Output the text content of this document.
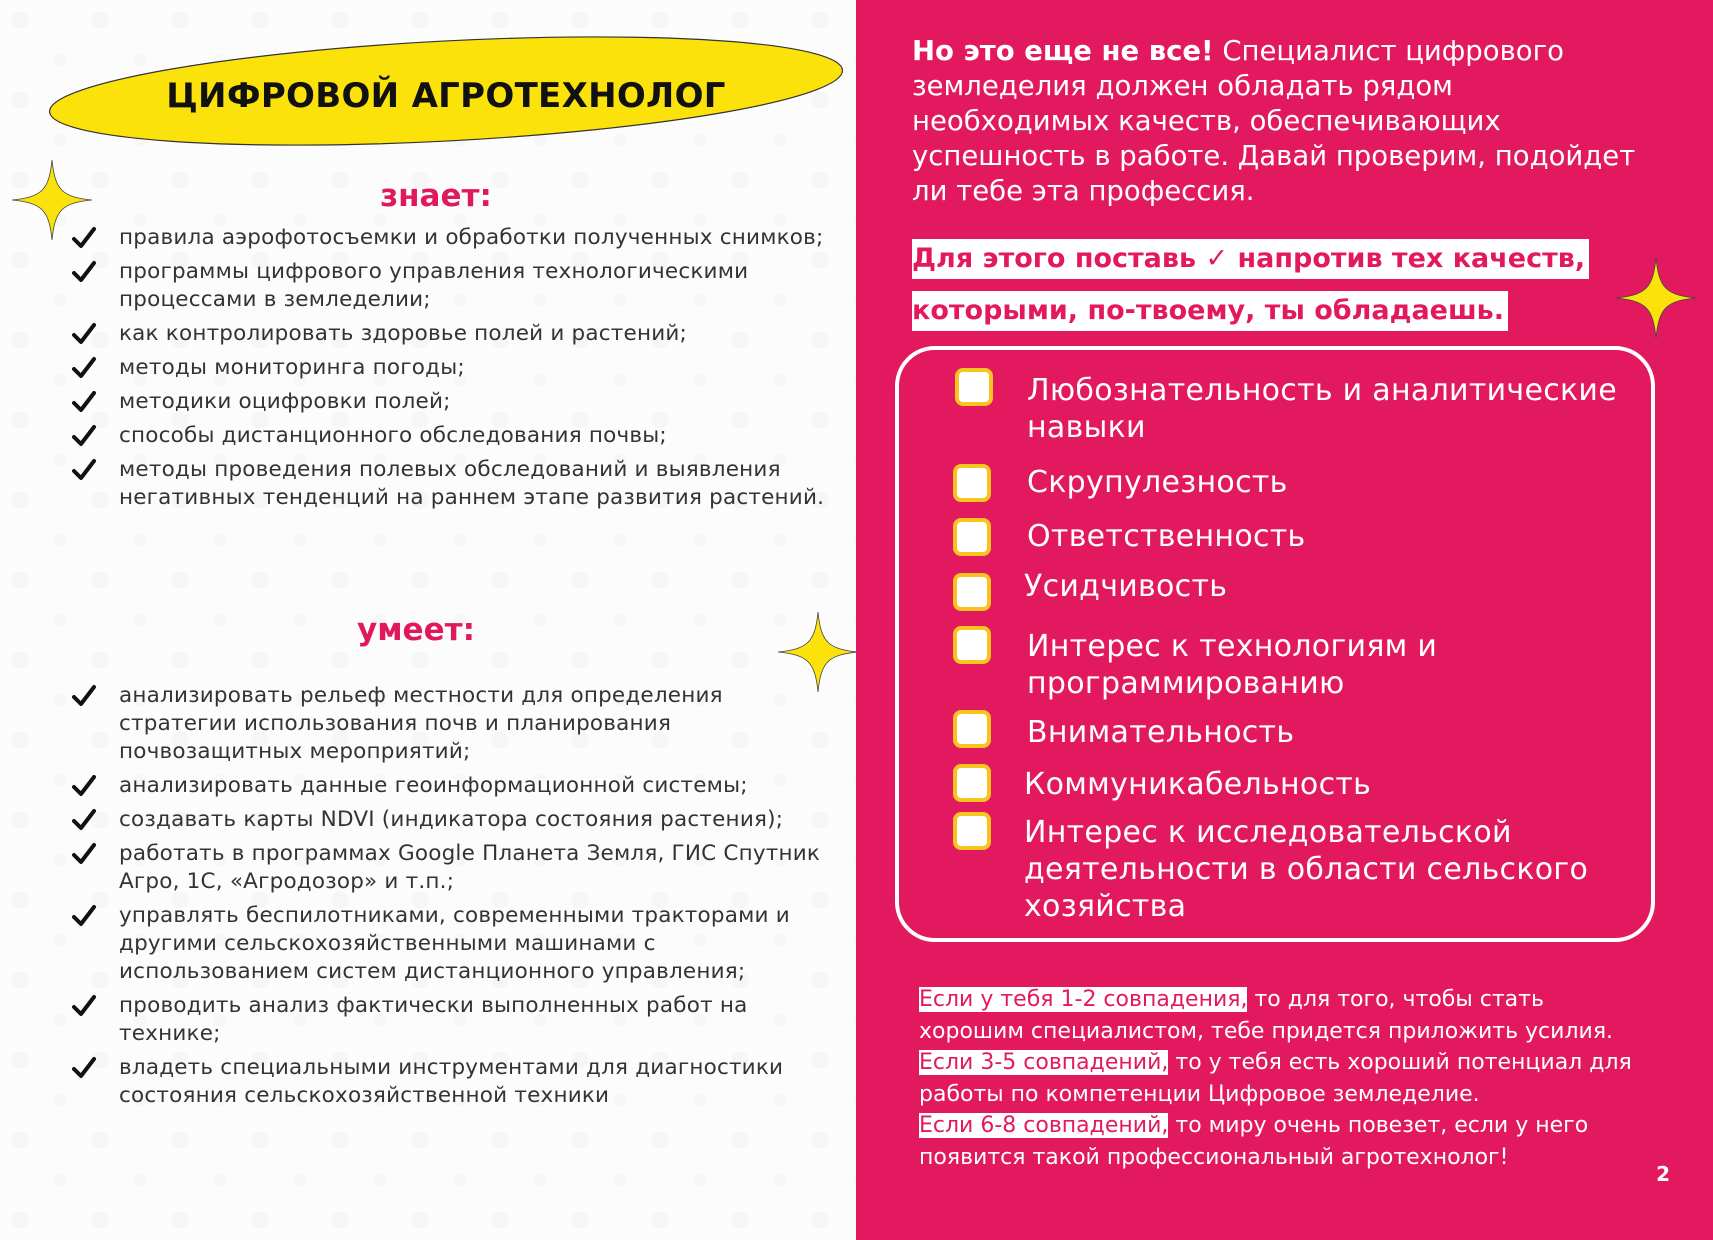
ЦИФРОВОЙ АГРОТЕХНОЛОГ
знает:
правила аэрофотосъемки и обработки полученных снимков;
программы цифрового управления технологическими процессами в земледелии;
как контролировать здоровье полей и растений;
методы мониторинга погоды;
методики оцифровки полей;
способы дистанционного обследования почвы;
методы проведения полевых обследований и выявления негативных тенденций на раннем этапе развития растений.
умеет:
анализировать рельеф местности для определения стратегии использования почв и планирования почвозащитных мероприятий;
анализировать данные геоинформационной системы;
создавать карты NDVI (индикатора состояния растения);
работать в программах Google Планета Земля, ГИС Спутник Агро, 1С, «Агродозор» и т.п.;
управлять беспилотниками, современными тракторами и другими сельскохозяйственными машинами с использованием систем дистанционного управления;
проводить анализ фактически выполненных работ на технике;
владеть специальными инструментами для диагностики состояния сельскохозяйственной техники
Но это еще не все! Специалист цифрового земледелия должен обладать рядом необходимых качеств, обеспечивающих успешность в работе. Давай проверим, подойдет ли тебе эта профессия.
Для этого поставь ✓ напротив тех качеств,
которыми, по-твоему, ты обладаешь.
Любознательность и аналитические навыки
Скрупулезность
Ответственность
Усидчивость
Интерес к технологиям и программированию
Внимательность
Коммуникабельность
Интерес к исследовательской деятельности в области сельского хозяйства
Если у тебя 1-2 совпадения, то для того, чтобы стать хорошим специалистом, тебе придется приложить усилия.
Если 3-5 совпадений, то у тебя есть хороший потенциал для работы по компетенции Цифровое земледелие.
Если 6-8 совпадений, то миру очень повезет, если у него появится такой профессиональный агротехнолог!
2
